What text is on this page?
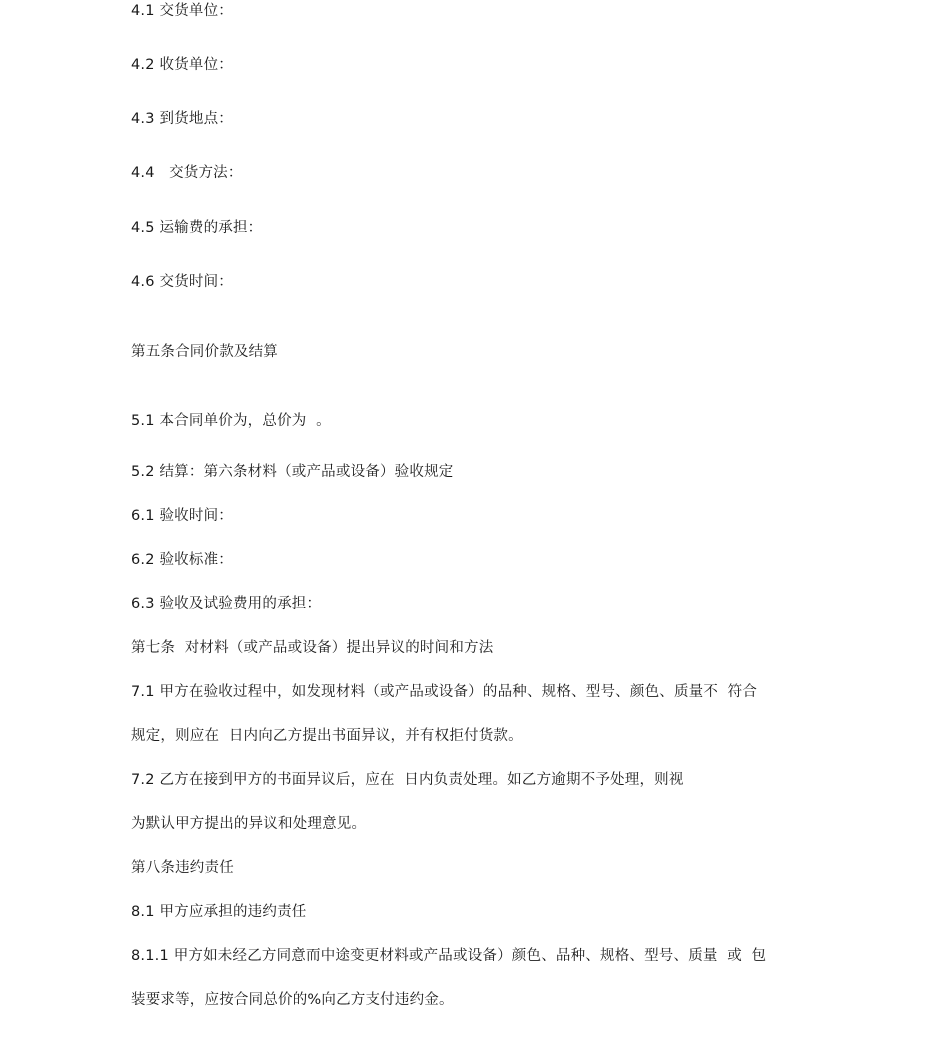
4.1 交货单位：
4.2 收货单位：
4.3 到货地点：
4.4   交货方法：
4.5 运输费的承担：
4.6 交货时间：
第五条合同价款及结算
5.1 本合同单价为，总价为  。
5.2 结算：第六条材料（或产品或设备）验收规定
6.1 验收时间：
6.2 验收标准：
6.3 验收及试验费用的承担：
第七条  对材料（或产品或设备）提出异议的时间和方法
7.1 甲方在验收过程中，如发现材料（或产品或设备）的品种、规格、型号、颜色、质量不  符合
规定，则应在  日内向乙方提出书面异议，并有权拒付货款。
7.2 乙方在接到甲方的书面异议后，应在  日内负责处理。如乙方逾期不予处理，则视
为默认甲方提出的异议和处理意见。
第八条违约责任
8.1 甲方应承担的违约责任
8.1.1 甲方如未经乙方同意而中途变更材料或产品或设备）颜色、品种、规格、型号、质量  或  包
装要求等，应按合同总价的%向乙方支付违约金。
